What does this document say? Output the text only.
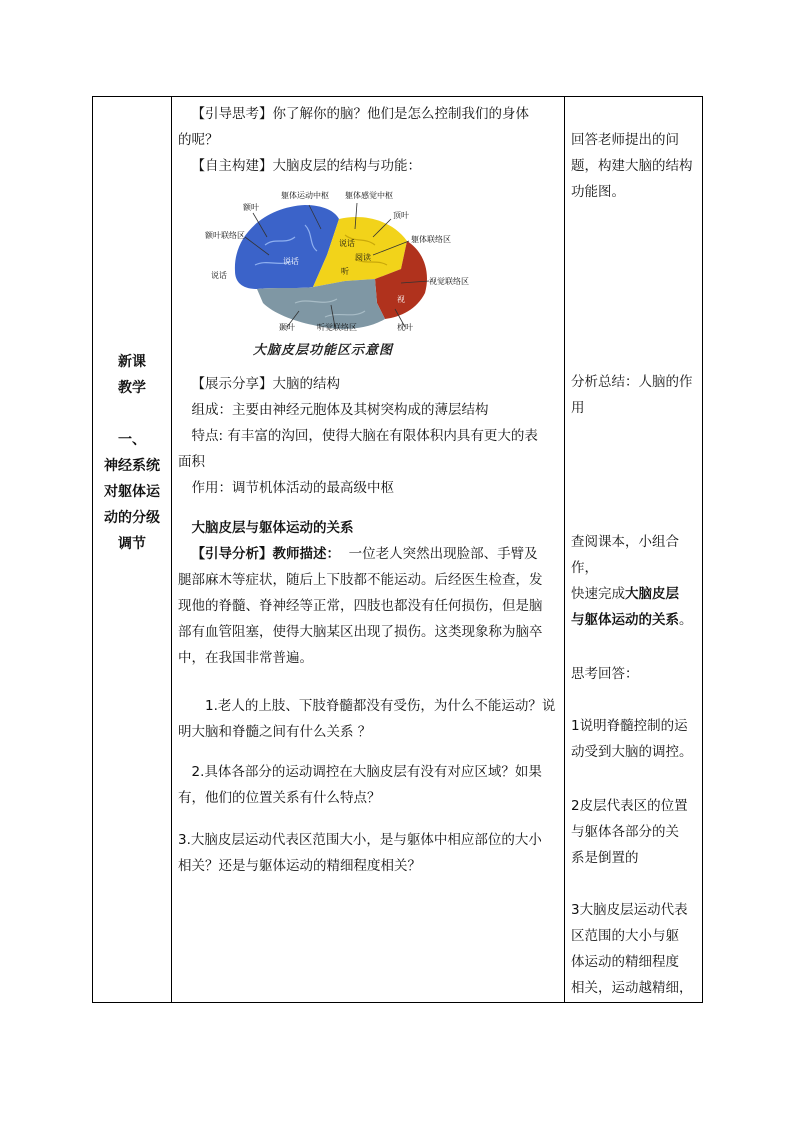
新课
教学
一、
神经系统
对躯体运
动的分级
调节

【引导思考】你了解你的脑？他们是怎么控制我们的身体

的呢？

【自主构建】大脑皮层的结构与功能：

躯体运动中枢 躯体感觉中枢
额叶
顶叶
额叶联络区
说话	躯体联络区
说话
说话	阅读
听
视觉联络区
视
颞叶	听觉联络区	枕叶
大脑皮层功能区示意图

【展示分享】大脑的结构

组成：主要由神经元胞体及其树突构成的薄层结构

特点: 有丰富的沟回，使得大脑在有限体积内具有更大的表

面积

作用：调节机体活动的最高级中枢

大脑皮层与躯体运动的关系

【引导分析】教师描述： 一位老人突然出现脸部、手臂及

腿部麻木等症状，随后上下肢都不能运动。后经医生检查，发

现他的脊髓、脊神经等正常，四肢也都没有任何损伤，但是脑

部有血管阻塞，使得大脑某区出现了损伤。这类现象称为脑卒

中，在我国非常普遍。

1.老人的上肢、下肢脊髓都没有受伤，为什么不能运动？说

明大脑和脊髓之间有什么关系 ？

2.具体各部分的运动调控在大脑皮层有没有对应区域？如果

有，他们的位置关系有什么特点？

3.大脑皮层运动代表区范围大小，是与躯体中相应部位的大小

相关？还是与躯体运动的精细程度相关？

回答老师提出的问

题，构建大脑的结构

功能图。

分析总结：人脑的作

用

查阅课本，小组合作，

快速完成大脑皮层

与躯体运动的关系。

思考回答：

1说明脊髓控制的运

动受到大脑的调控。

2皮层代表区的位置

与躯体各部分的关

系是倒置的

3大脑皮层运动代表

区范围的大小与躯

体运动的精细程度

相关，运动越精细，
